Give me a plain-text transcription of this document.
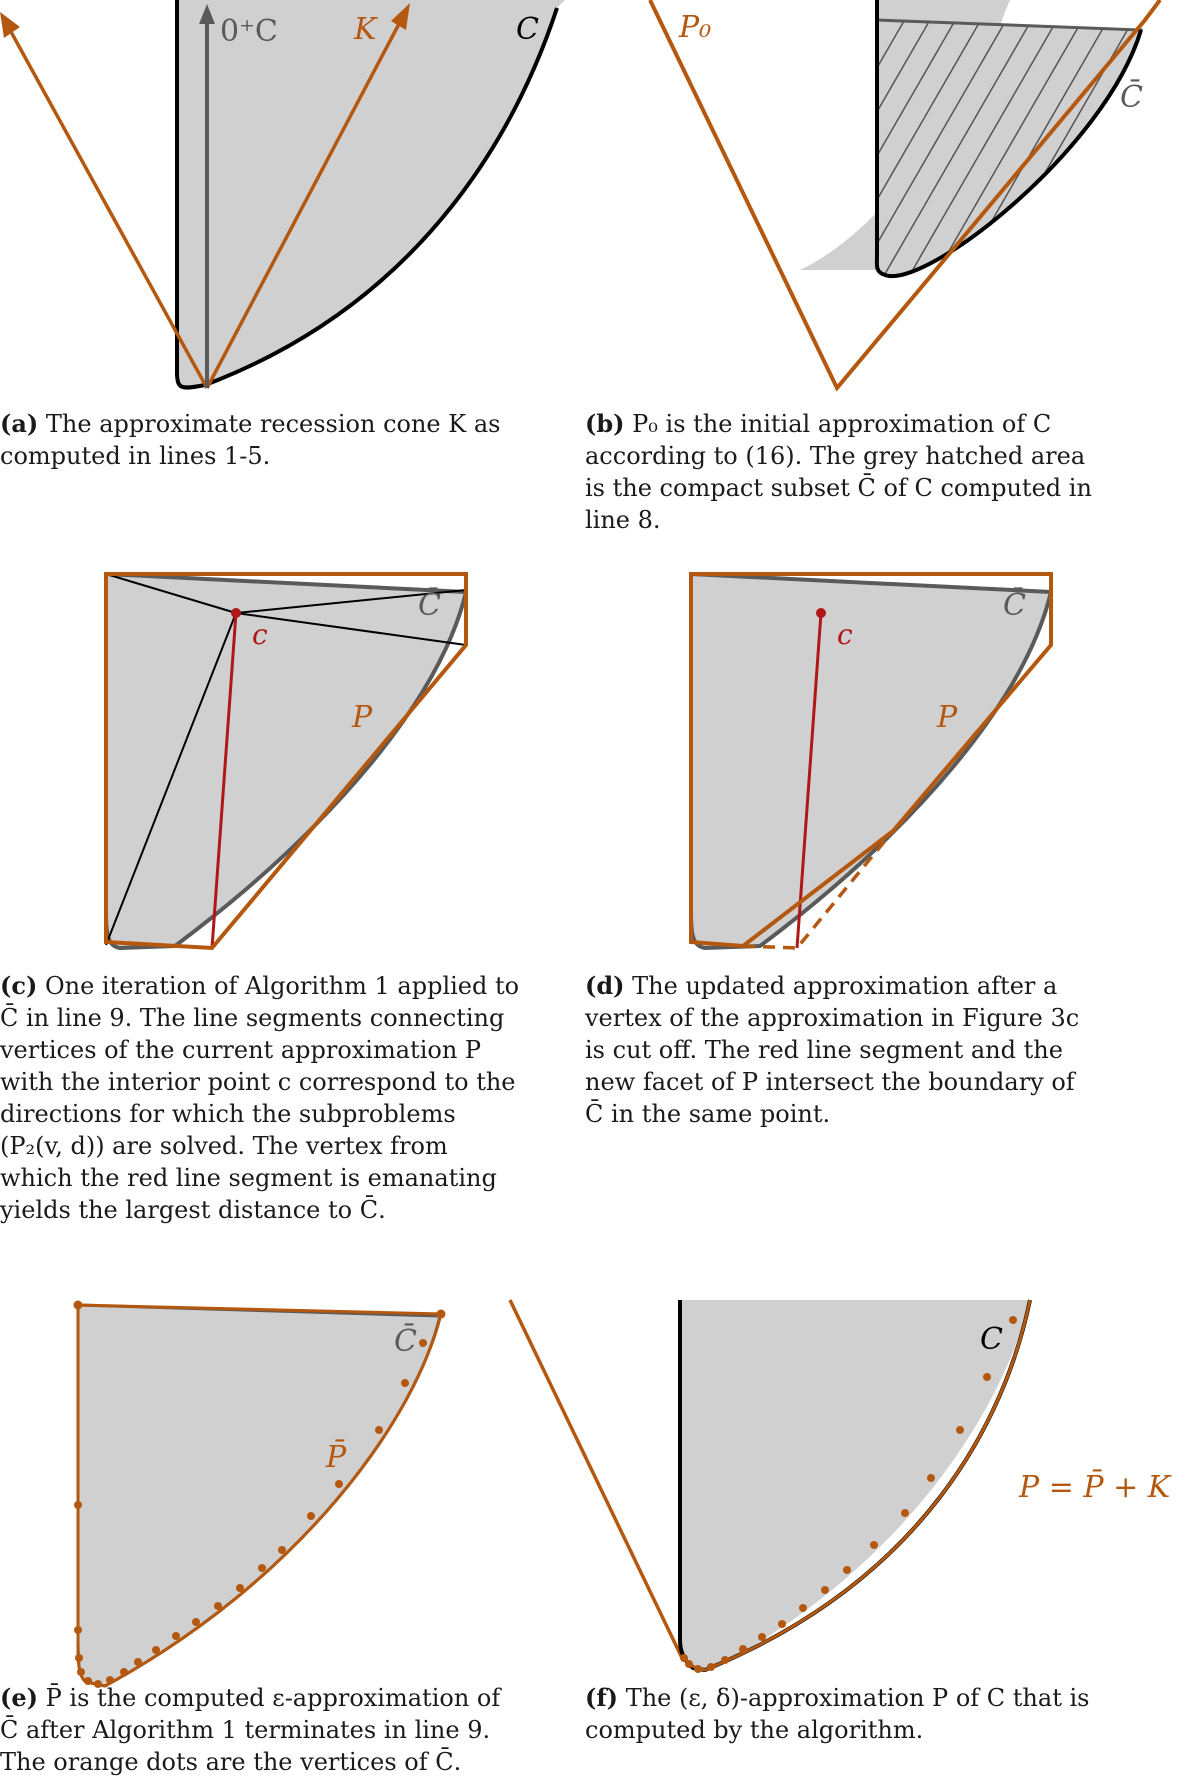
0⁺C	K	C
(a) The approximate recession cone K as computed in lines 1-5.
P₀
C̄
(b) P₀ is the initial approximation of C according to (16). The grey hatched area is the compact subset C̄ of C computed in line 8.
C̄
c
P
(c) One iteration of Algorithm 1 applied to C̄ in line 9. The line segments connecting vertices of the current approximation P with the interior point c correspond to the directions for which the subproblems (P₂(v, d)) are solved. The vertex from which the red line segment is emanating yields the largest distance to C̄.
C̄
c
P
(d) The updated approximation after a vertex of the approximation in Figure 3c is cut off. The red line segment and the new facet of P intersect the boundary of C̄ in the same point.
C̄
P̄
(e) P̄ is the computed ε-approximation of C̄ after Algorithm 1 terminates in line 9. The orange dots are the vertices of C̄.
C
P = P̄ + K
(f) The (ε, δ)-approximation P of C that is computed by the algorithm.
